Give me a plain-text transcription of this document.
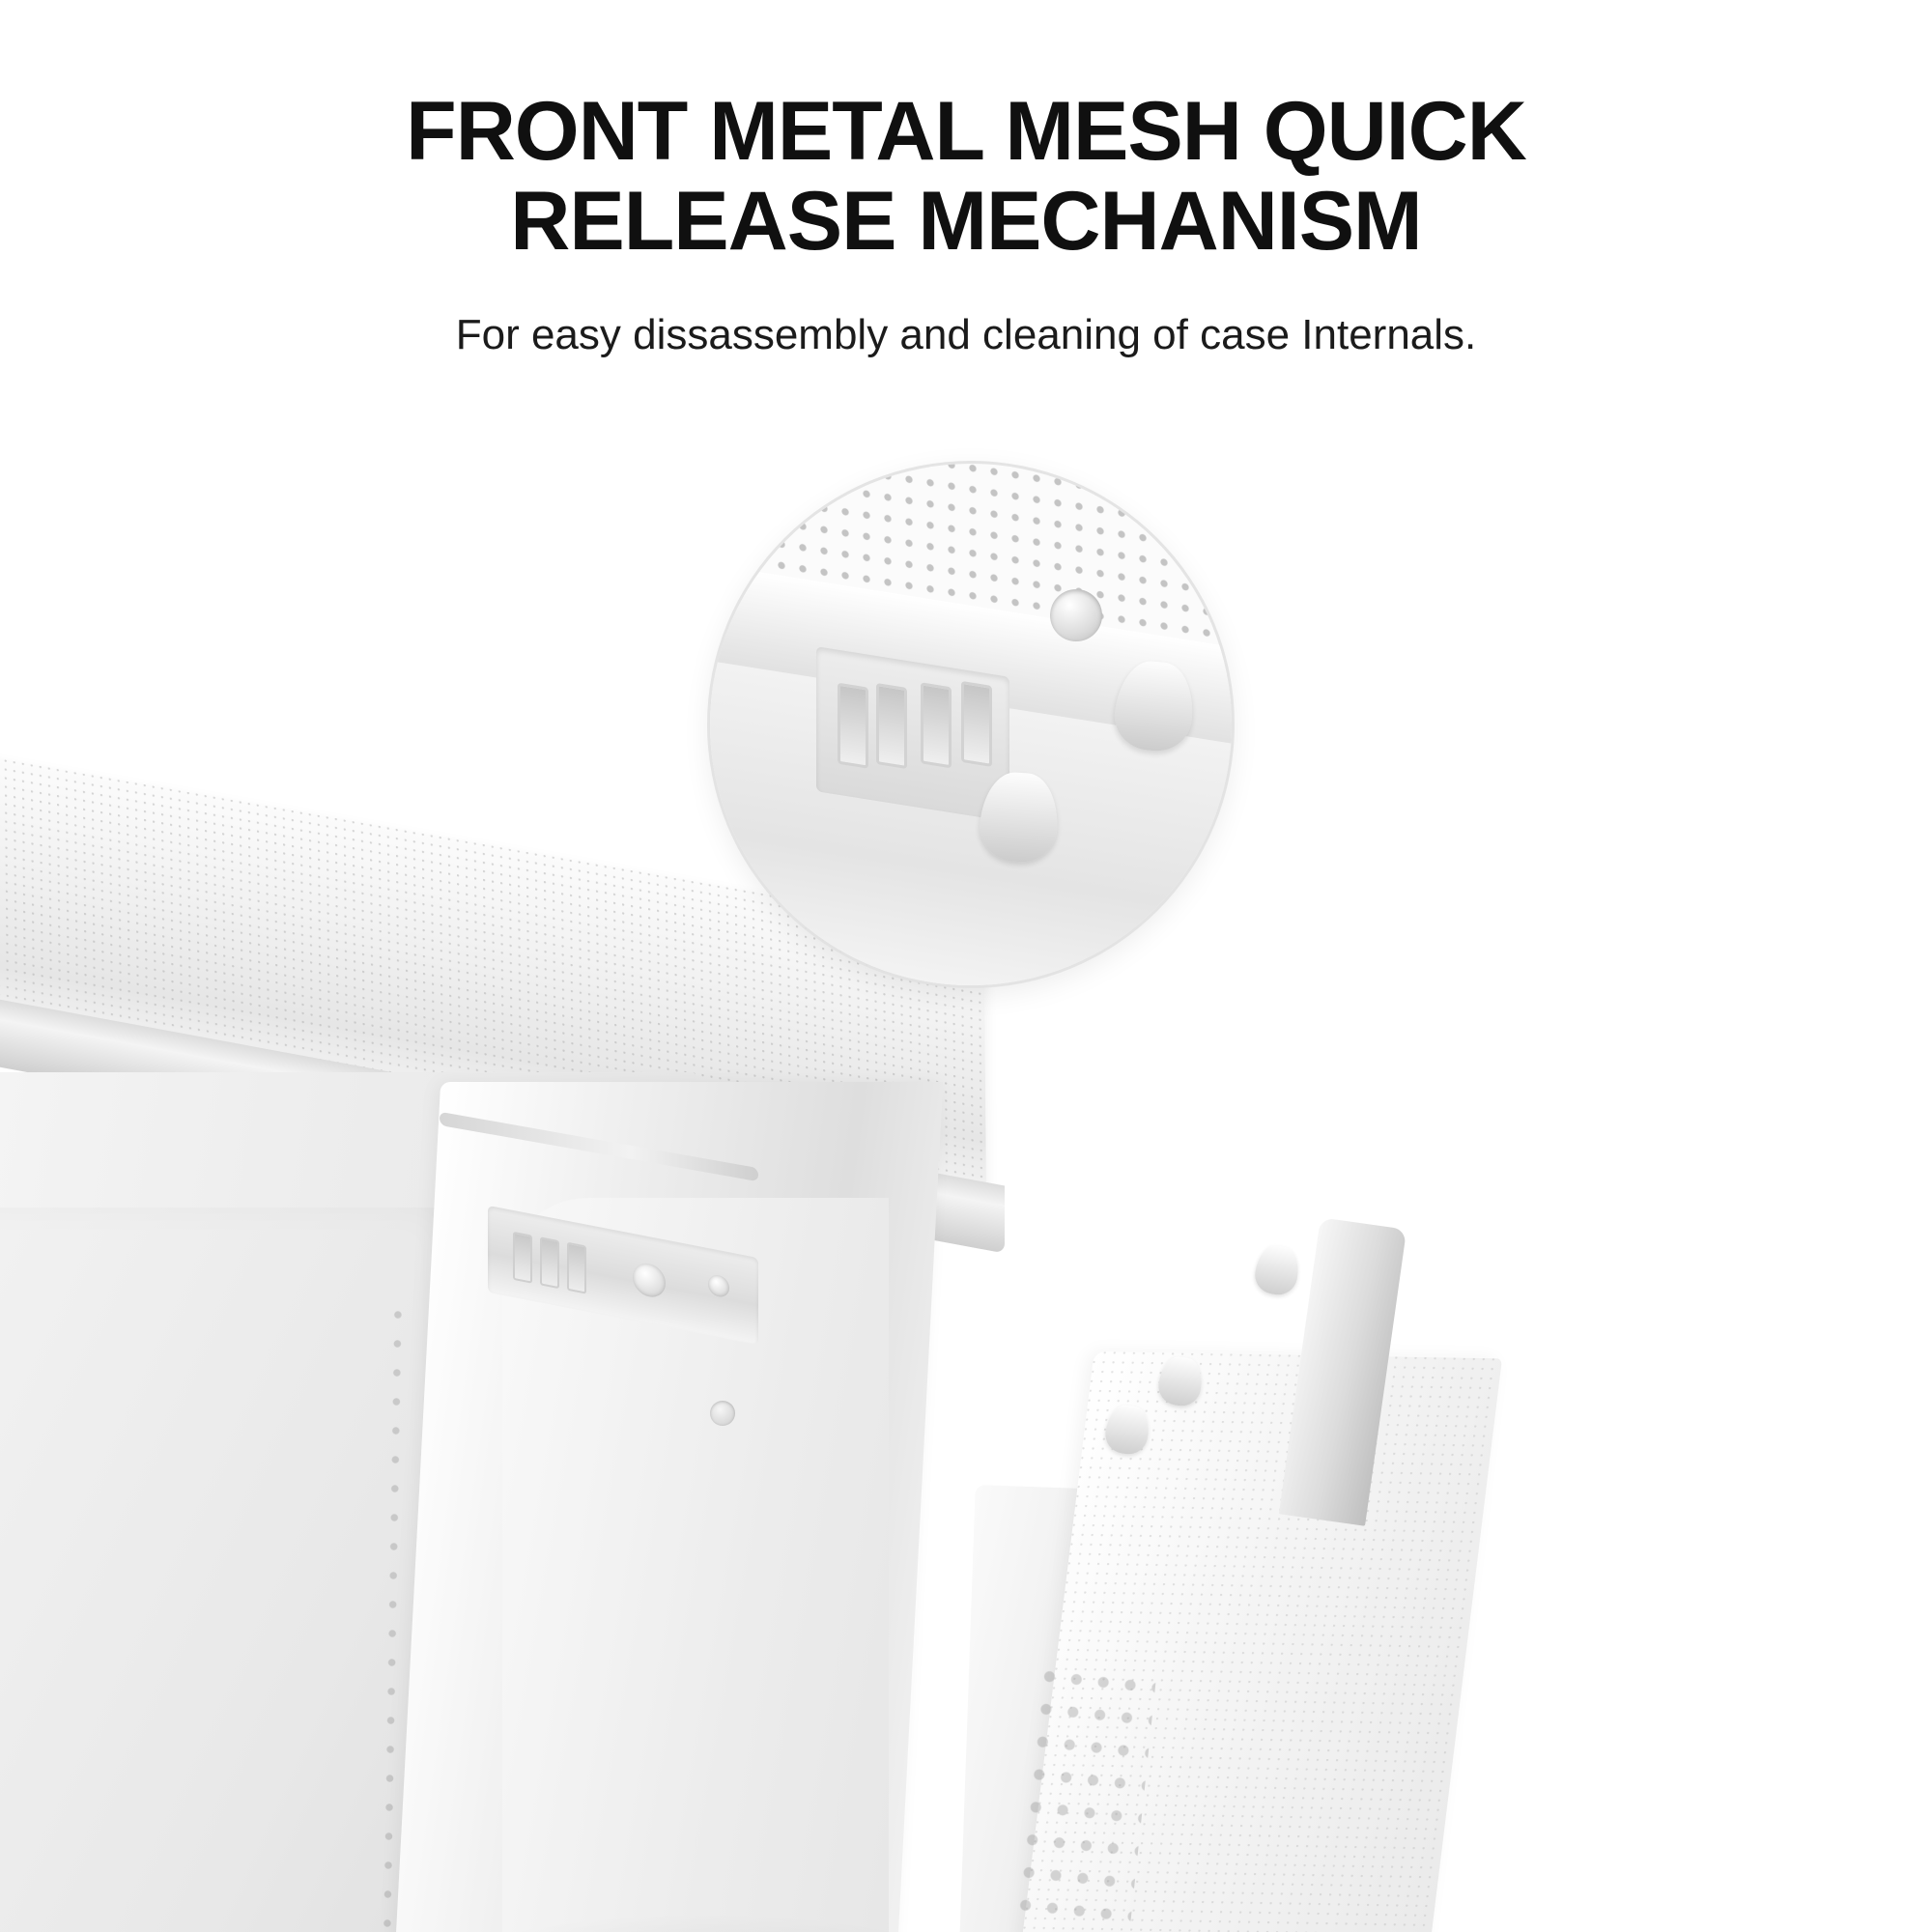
FRONT METAL MESH QUICK
RELEASE MECHANISM
For easy dissassembly and cleaning of case Internals.
